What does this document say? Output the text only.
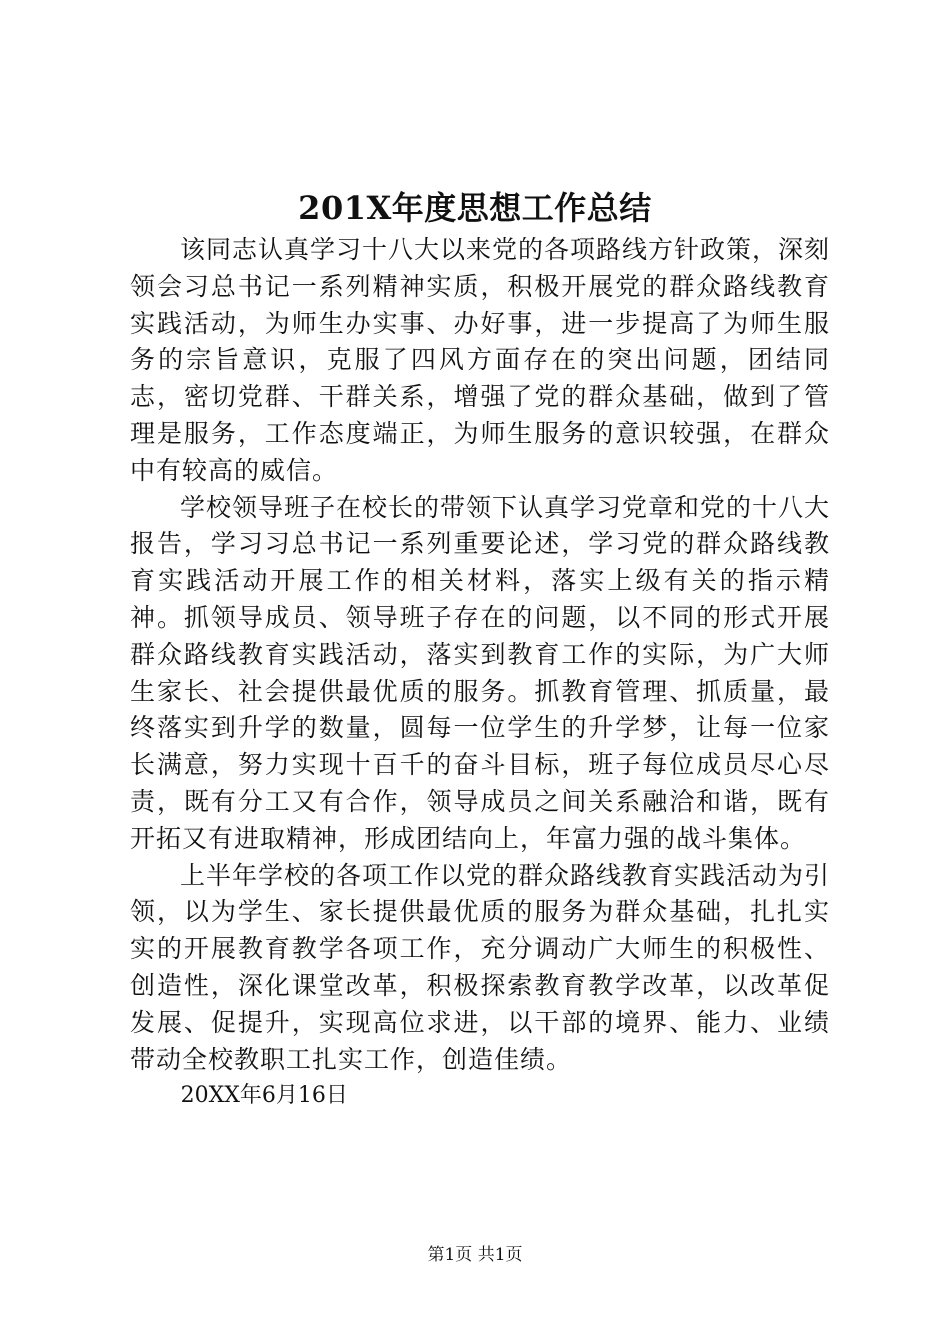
201X年度思想工作总结

该同志认真学习十八大以来党的各项路线方针政策，深刻领会习总书记一系列精神实质，积极开展党的群众路线教育实践活动，为师生办实事、办好事，进一步提高了为师生服务的宗旨意识，克服了四风方面存在的突出问题，团结同志，密切党群、干群关系，增强了党的群众基础，做到了管理是服务，工作态度端正，为师生服务的意识较强，在群众中有较高的威信。

学校领导班子在校长的带领下认真学习党章和党的十八大报告，学习习总书记一系列重要论述，学习党的群众路线教育实践活动开展工作的相关材料，落实上级有关的指示精神。抓领导成员、领导班子存在的问题，以不同的形式开展群众路线教育实践活动，落实到教育工作的实际，为广大师生家长、社会提供最优质的服务。抓教育管理、抓质量，最终落实到升学的数量，圆每一位学生的升学梦，让每一位家长满意，努力实现十百千的奋斗目标，班子每位成员尽心尽责，既有分工又有合作，领导成员之间关系融洽和谐，既有开拓又有进取精神，形成团结向上，年富力强的战斗集体。

上半年学校的各项工作以党的群众路线教育实践活动为引领，以为学生、家长提供最优质的服务为群众基础，扎扎实实的开展教育教学各项工作，充分调动广大师生的积极性、创造性，深化课堂改革，积极探索教育教学改革，以改革促发展、促提升，实现高位求进，以干部的境界、能力、业绩带动全校教职工扎实工作，创造佳绩。

20XX年6月16日

第1页 共1页
